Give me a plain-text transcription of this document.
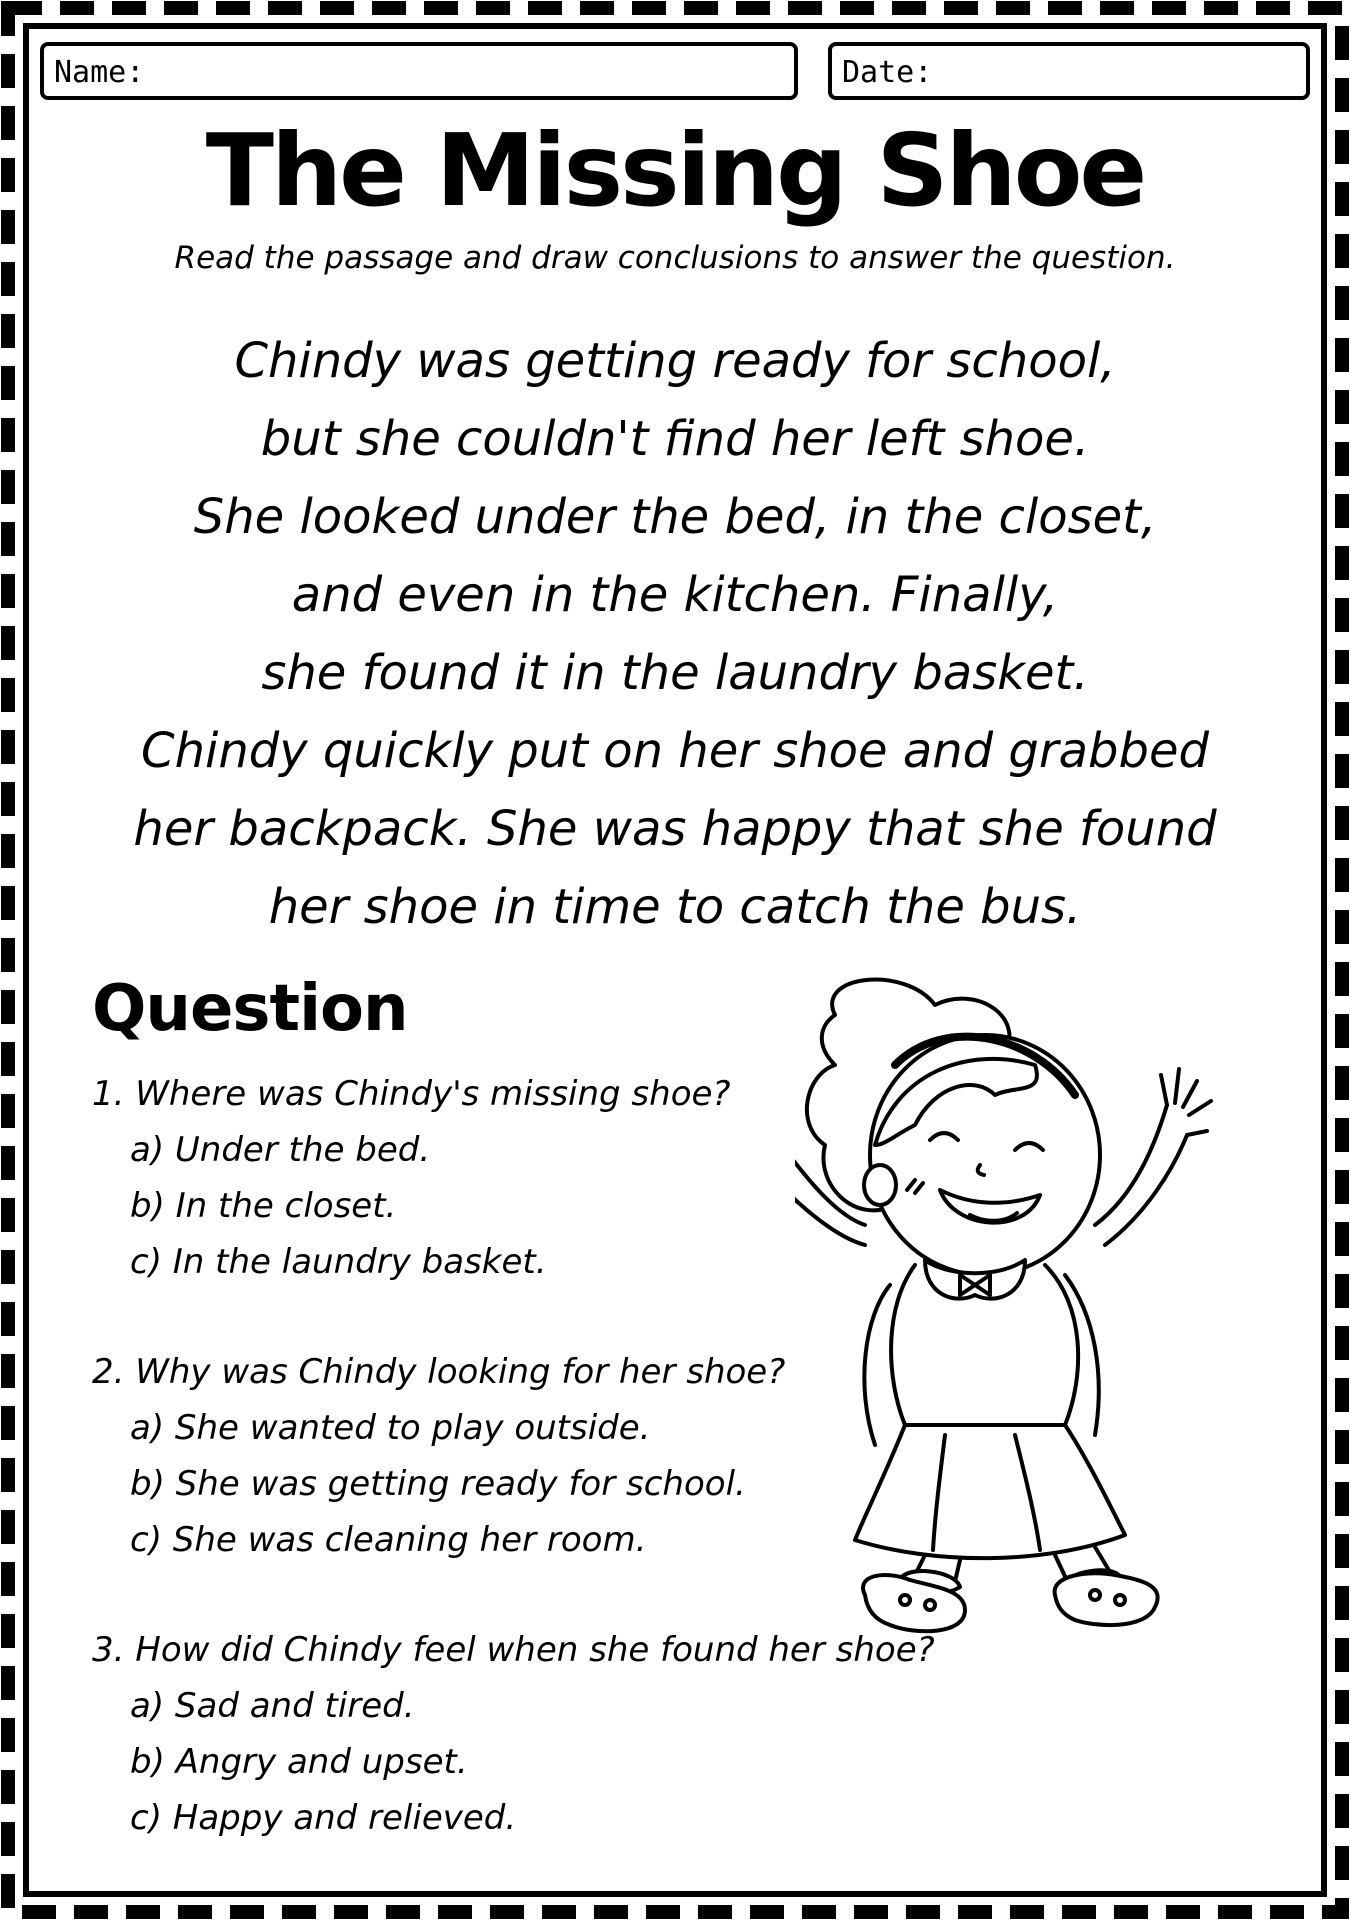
Name:	Date:
The Missing Shoe
Read the passage and draw conclusions to answer the question.
Chindy was getting ready for school,
but she couldn't find her left shoe.
She looked under the bed, in the closet,
and even in the kitchen. Finally,
she found it in the laundry basket.
Chindy quickly put on her shoe and grabbed
her backpack. She was happy that she found
her shoe in time to catch the bus.
Question
1. Where was Chindy's missing shoe?
a) Under the bed.
b) In the closet.
c) In the laundry basket.
2. Why was Chindy looking for her shoe?
a) She wanted to play outside.
b) She was getting ready for school.
c) She was cleaning her room.
3. How did Chindy feel when she found her shoe?
a) Sad and tired.
b) Angry and upset.
c) Happy and relieved.
